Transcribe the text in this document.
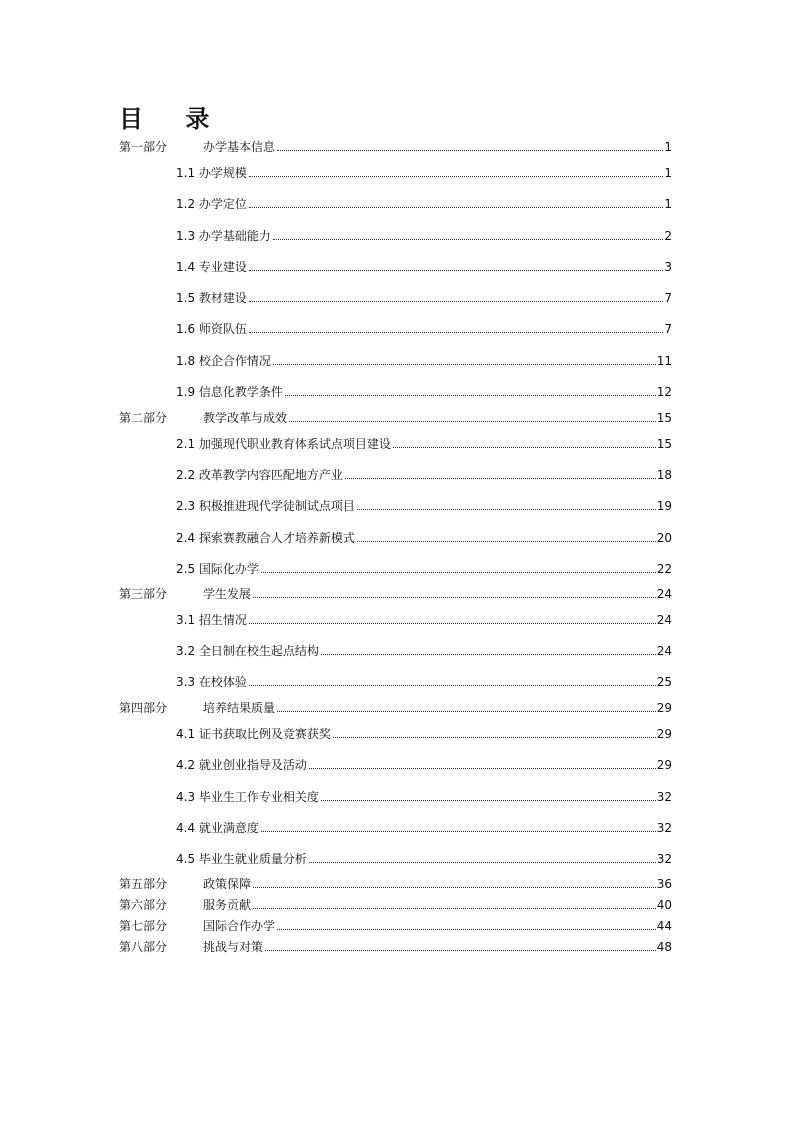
目 录
第一部分	办学基本信息	1
1.1 办学规模	1
1.2 办学定位	1
1.3 办学基础能力	2
1.4 专业建设	3
1.5 教材建设	7
1.6 师资队伍	7
1.8 校企合作情况	11
1.9 信息化教学条件	12
第二部分	教学改革与成效	15
2.1 加强现代职业教育体系试点项目建设	15
2.2 改革教学内容匹配地方产业	18
2.3 积极推进现代学徒制试点项目	19
2.4 探索赛教融合人才培养新模式	20
2.5 国际化办学	22
第三部分	学生发展	24
3.1 招生情况	24
3.2 全日制在校生起点结构	24
3.3 在校体验	25
第四部分	培养结果质量	29
4.1 证书获取比例及竞赛获奖	29
4.2 就业创业指导及活动	29
4.3 毕业生工作专业相关度	32
4.4 就业满意度	32
4.5 毕业生就业质量分析	32
第五部分	政策保障	36
第六部分	服务贡献	40
第七部分	国际合作办学	44
第八部分	挑战与对策	48
